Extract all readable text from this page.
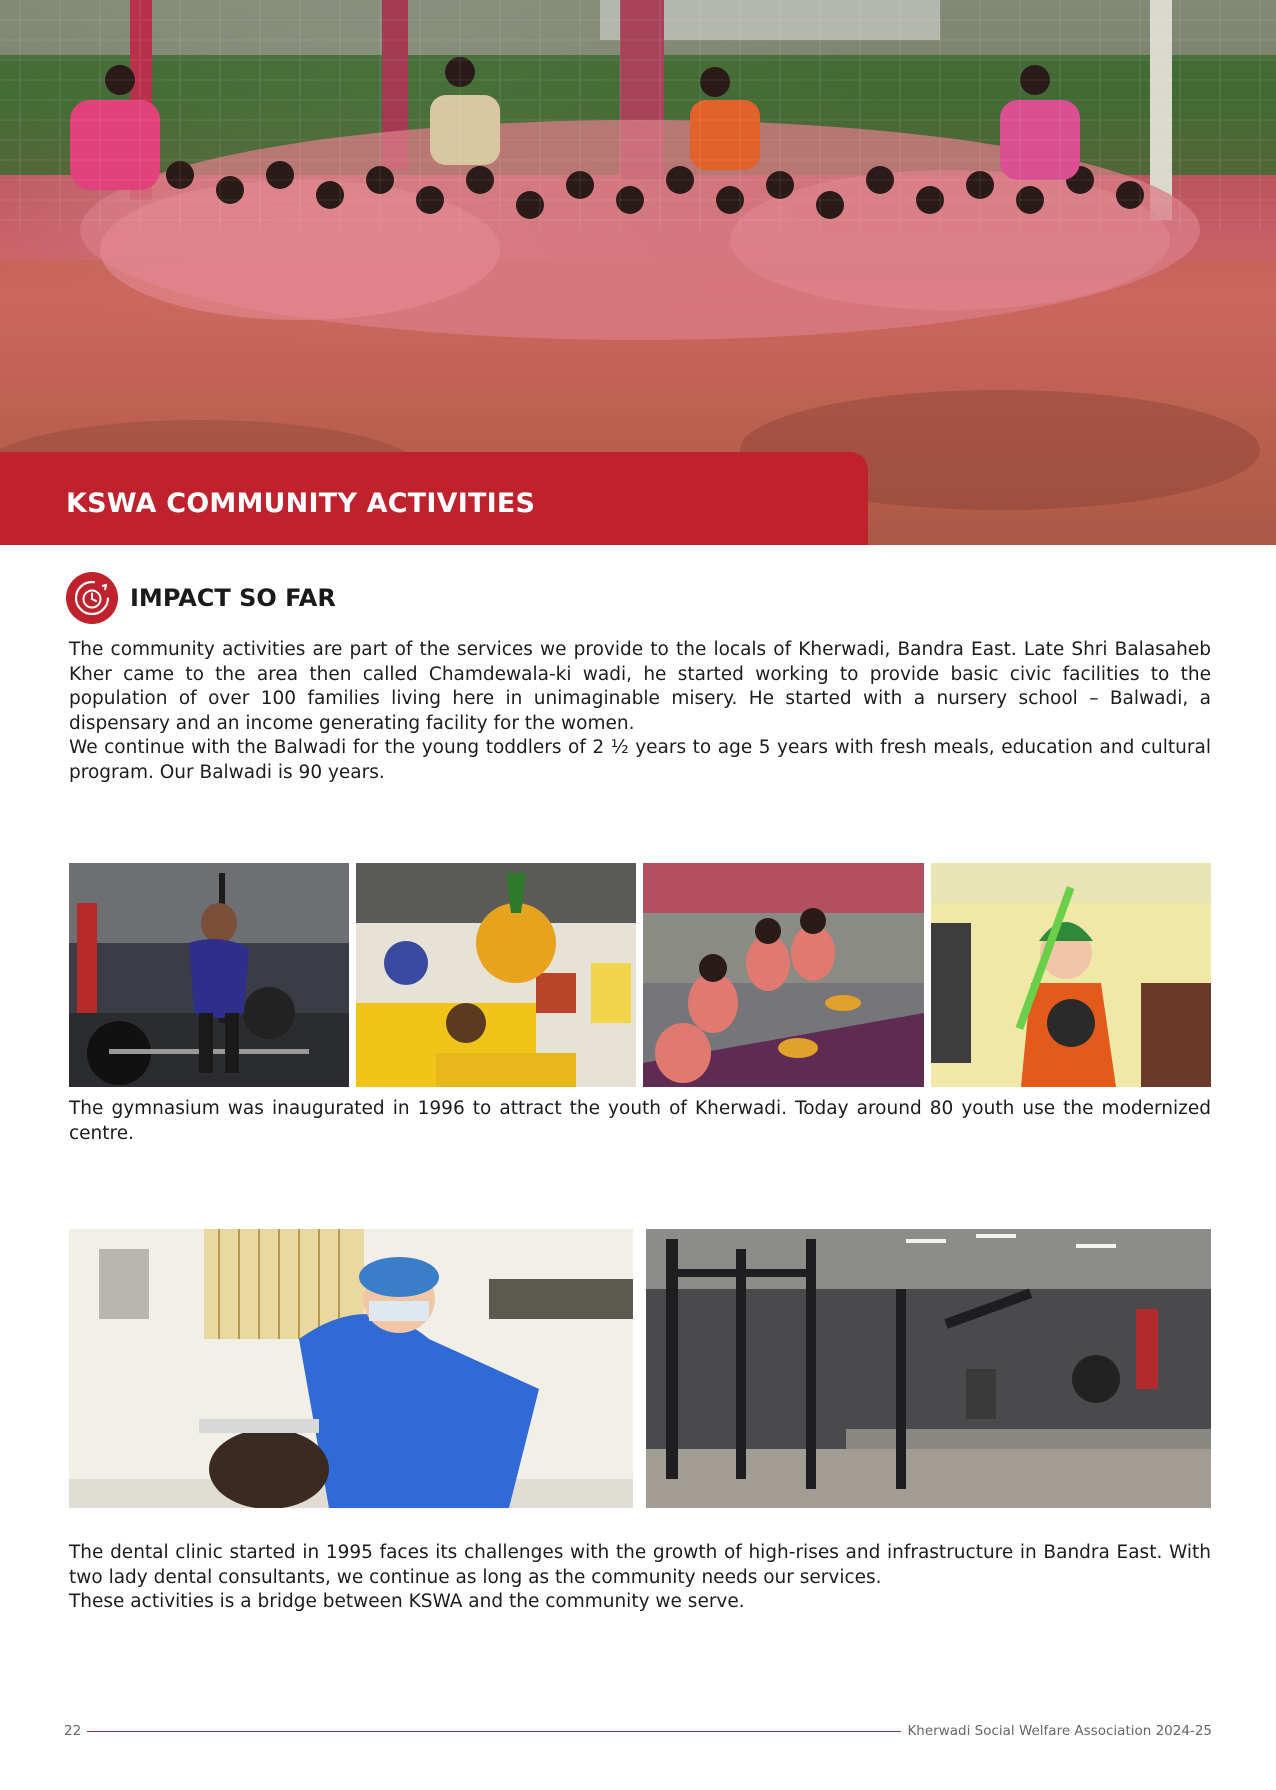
KSWA COMMUNITY ACTIVITIES
IMPACT SO FAR

The community activities are part of the services we provide to the locals of Kherwadi, Bandra East. Late Shri Balasaheb Kher came to the area then called Chamdewala-ki wadi, he started working to provide basic civic facilities to the population of over 100 families living here in unimaginable misery. He started with a nursery school – Balwadi, a dispensary and an income generating facility for the women.

We continue with the Balwadi for the young toddlers of 2 ½ years to age 5 years with fresh meals, education and cultural program. Our Balwadi is 90 years.

The gymnasium was inaugurated in 1996 to attract the youth of Kherwadi. Today around 80 youth use the modernized centre.

The dental clinic started in 1995 faces its challenges with the growth of high-rises and infrastructure in Bandra East. With two lady dental consultants, we continue as long as the community needs our services.

These activities is a bridge between KSWA and the community we serve.

22	Kherwadi Social Welfare Association 2024-25
